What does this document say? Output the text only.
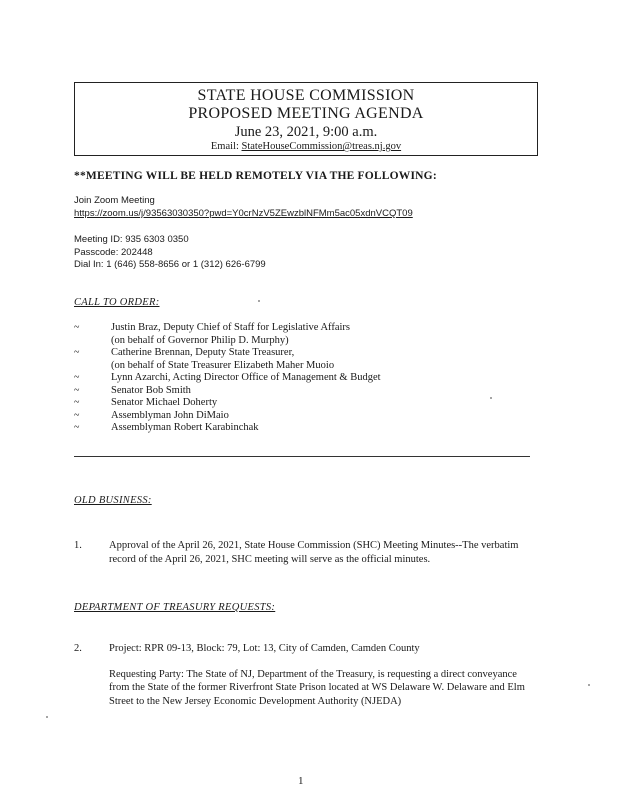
STATE HOUSE COMMISSION
PROPOSED MEETING AGENDA
June 23, 2021, 9:00 a.m.
Email: StateHouseCommission@treas.nj.gov
**MEETING WILL BE HELD REMOTELY VIA THE FOLLOWING:
Join Zoom Meeting
https://zoom.us/j/93563030350?pwd=Y0crNzV5ZEwzblNFMm5ac05xdnVCQT09
Meeting ID: 935 6303 0350
Passcode: 202448
Dial In: 1 (646) 558-8656 or 1 (312) 626-6799
CALL TO ORDER:
~	Justin Braz, Deputy Chief of Staff for Legislative Affairs
(on behalf of Governor Philip D. Murphy)
~	Catherine Brennan, Deputy State Treasurer,
(on behalf of State Treasurer Elizabeth Maher Muoio
~	Lynn Azarchi, Acting Director Office of Management & Budget
~	Senator Bob Smith
~	Senator Michael Doherty
~	Assemblyman John DiMaio
~	Assemblyman Robert Karabinchak
OLD BUSINESS:
1.	Approval of the April 26, 2021, State House Commission (SHC) Meeting Minutes--The verbatim record of the April 26, 2021, SHC meeting will serve as the official minutes.

DEPARTMENT OF TREASURY REQUESTS:
2.	Project: RPR 09-13, Block: 79, Lot: 13, City of Camden, Camden County

Requesting Party: The State of NJ, Department of the Treasury, is requesting a direct conveyance from the State of the former Riverfront State Prison located at WS Delaware W. Delaware and Elm Street to the New Jersey Economic Development Authority (NJEDA)

1
